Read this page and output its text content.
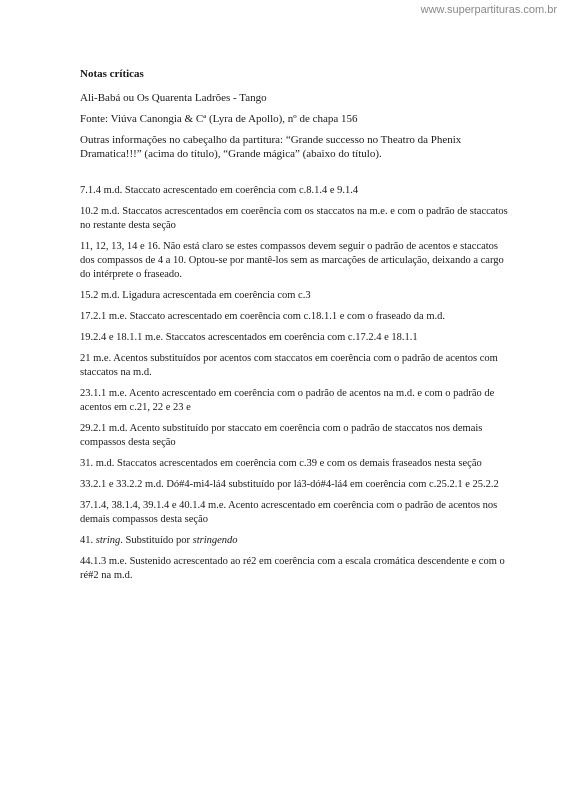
www.superpartituras.com.br
Notas críticas
Ali-Babá ou Os Quarenta Ladrões - Tango
Fonte: Viúva Canongia & Cª (Lyra de Apollo), nº de chapa 156
Outras informações no cabeçalho da partitura: “Grande successo no Theatro da Phenix Dramatica!!!” (acima do título), “Grande mágica” (abaixo do título).
7.1.4 m.d. Staccato acrescentado em coerência com c.8.1.4 e 9.1.4
10.2 m.d. Staccatos acrescentados em coerência com os staccatos na m.e. e com o padrão de staccatos no restante desta seção
11, 12, 13, 14 e 16. Não está claro se estes compassos devem seguir o padrão de acentos e staccatos dos compassos de 4 a 10. Optou-se por mantê-los sem as marcações de articulação, deixando a cargo do intérprete o fraseado.
15.2 m.d. Ligadura acrescentada em coerência com c.3
17.2.1 m.e. Staccato acrescentado em coerência com c.18.1.1 e com o fraseado da m.d.
19.2.4 e 18.1.1 m.e. Staccatos acrescentados em coerência com c.17.2.4 e 18.1.1
21 m.e. Acentos substituídos por acentos com staccatos em coerência com o padrão de acentos com staccatos na m.d.
23.1.1 m.e. Acento acrescentado em coerência com o padrão de acentos na m.d. e com o padrão de acentos em c.21, 22 e 23 e
29.2.1 m.d. Acento substituído por staccato em coerência com o padrão de staccatos nos demais compassos desta seção
31. m.d. Staccatos acrescentados em coerência com c.39 e com os demais fraseados nesta seção
33.2.1 e 33.2.2 m.d. Dó#4-mi4-lá4 substituído por lá3-dó#4-lá4 em coerência com c.25.2.1 e 25.2.2
37.1.4, 38.1.4, 39.1.4 e 40.1.4 m.e. Acento acrescentado em coerência com o padrão de acentos nos demais compassos desta seção
41. string. Substituído por stringendo
44.1.3 m.e. Sustenido acrescentado ao ré2 em coerência com a escala cromática descendente e com o ré#2 na m.d.
